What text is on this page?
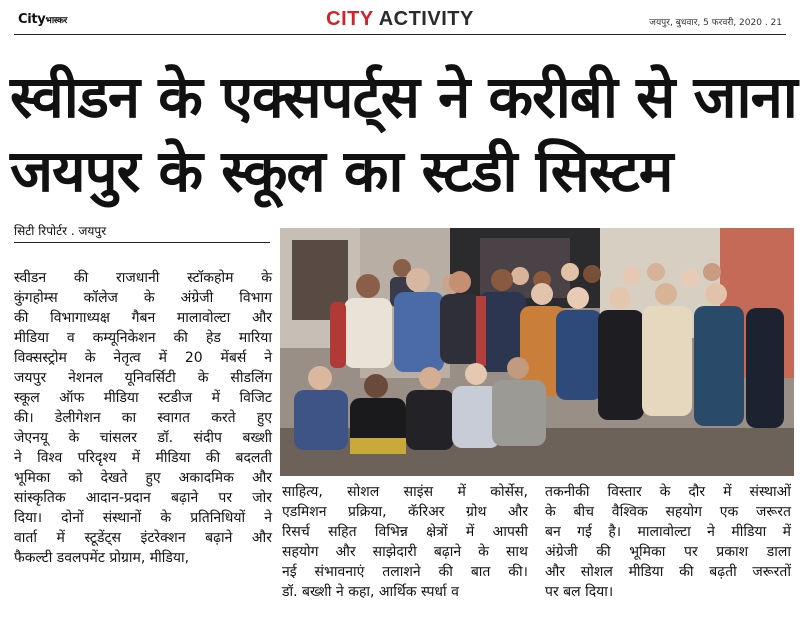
Cityभास्कर	CITY ACTIVITY	जयपुर, बुधवार, 5 फरवरी, 2020 . 21
स्वीडन के एक्सपर्ट्स ने करीबी से जाना
जयपुर के स्कूल का स्टडी सिस्टम
सिटी रिपोर्टर . जयपुर
स्वीडन की राजधानी स्टॉकहोम के
कुंगहोम्स कॉलेज के अंग्रेजी विभाग
की विभागाध्यक्ष गैबन मालावोल्टा और
मीडिया व कम्यूनिकेशन की हेड मारिया
विक्सस्ट्रोम के नेतृत्व में 20 मेंबर्स ने
जयपुर नेशनल यूनिवर्सिटी के सीडलिंग
स्कूल ऑफ मीडिया स्टडीज में विजिट
की। डेलीगेशन का स्वागत करते हुए
जेएनयू के चांसलर डॉ. संदीप बख्शी
ने विश्व परिदृश्य में मीडिया की बदलती
भूमिका को देखते हुए अकादमिक और
सांस्कृतिक आदान-प्रदान बढ़ाने पर जोर
दिया। दोनों संस्थानों के प्रतिनिधियों ने
वार्ता में स्टूडेंट्स इंटरेक्शन बढ़ाने और
फैकल्टी डवलपमेंट प्रोग्राम, मीडिया,
साहित्य, सोशल साइंस में कोर्सेस,
एडमिशन प्रक्रिया, कॅरिअर ग्रोथ और
रिसर्च सहित विभिन्न क्षेत्रों में आपसी
सहयोग और साझेदारी बढ़ाने के साथ
नई संभावनाएं तलाशने की बात की।
डॉ. बख्शी ने कहा, आर्थिक स्पर्धा व
तकनीकी विस्तार के दौर में संस्थाओं
के बीच वैश्विक सहयोग एक जरूरत
बन गई है। मालावोल्टा ने मीडिया में
अंग्रेजी की भूमिका पर प्रकाश डाला
और सोशल मीडिया की बढ़ती जरूरतों
पर बल दिया।
